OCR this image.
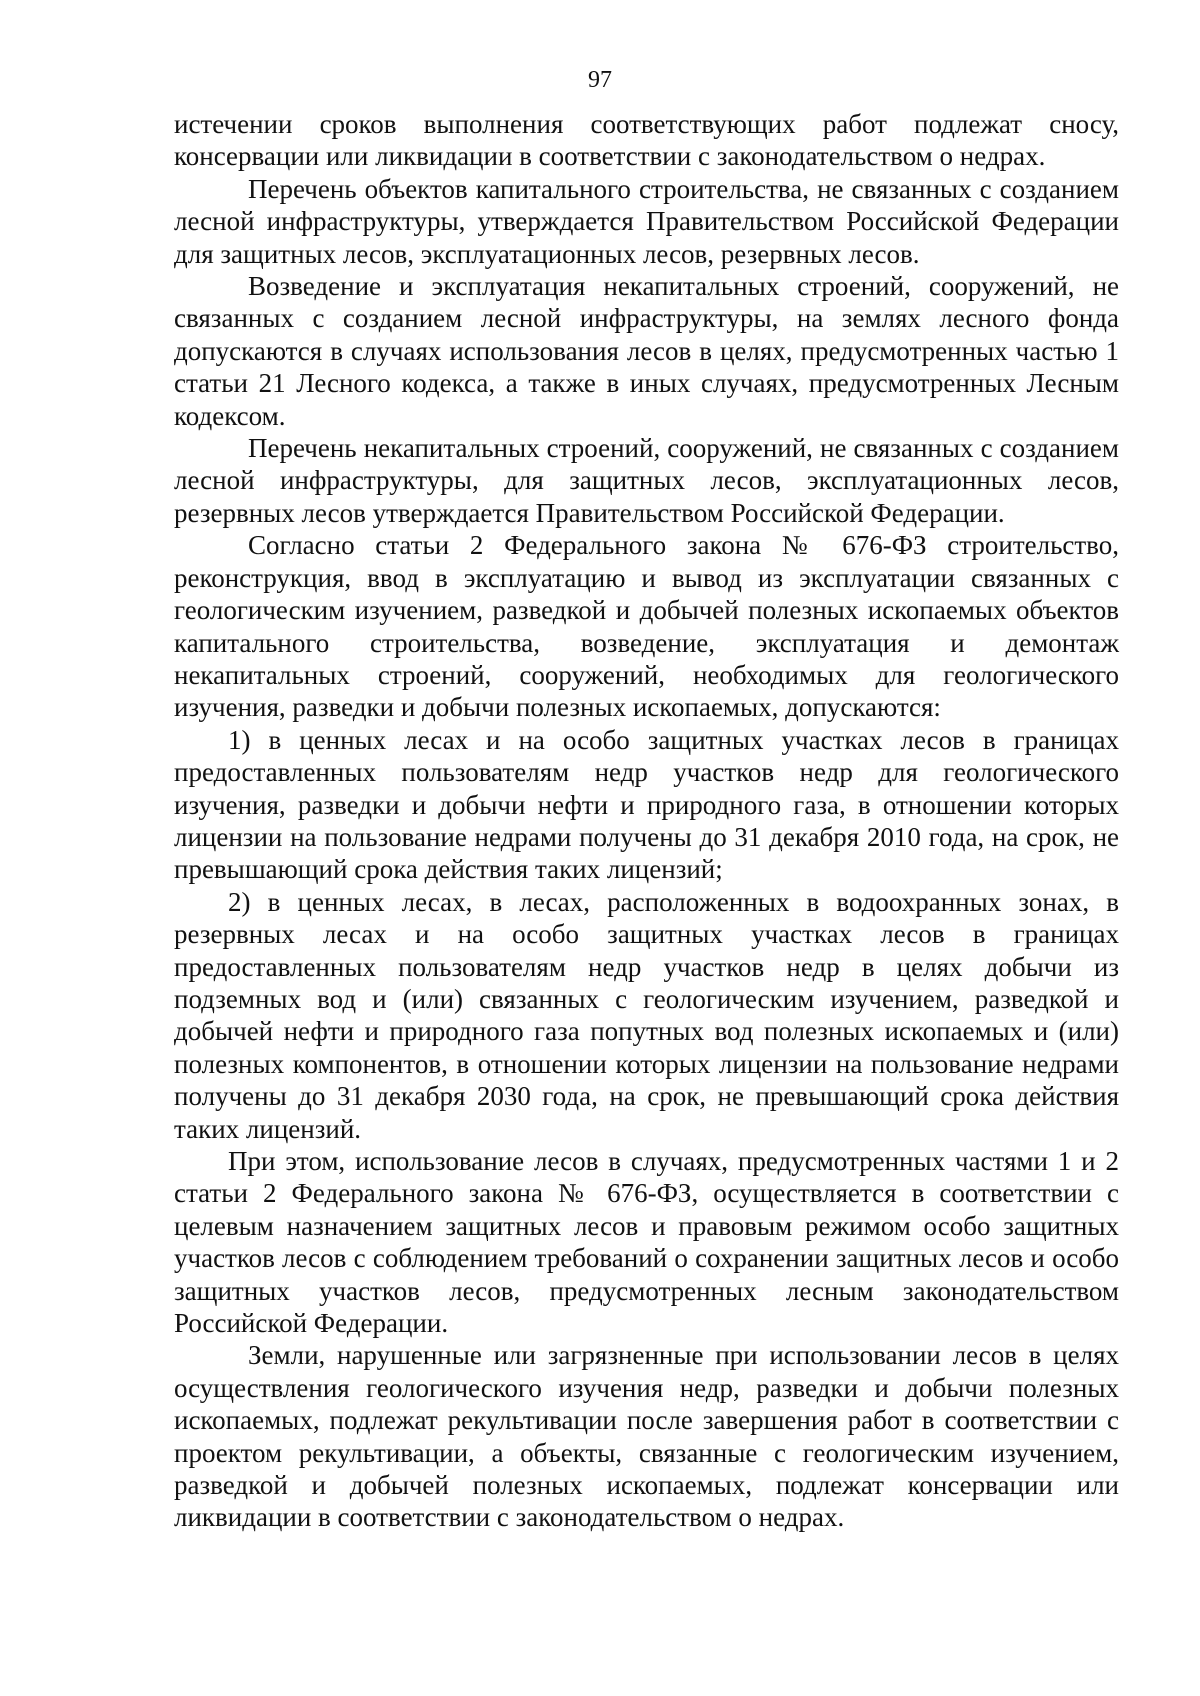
97

истечении сроков выполнения соответствующих работ подлежат сносу, консервации или ликвидации в соответствии с законодательством о недрах.

Перечень объектов капитального строительства, не связанных с созданием лесной инфраструктуры, утверждается Правительством Российской Федерации для защитных лесов, эксплуатационных лесов, резервных лесов.

Возведение и эксплуатация некапитальных строений, сооружений, не связанных с созданием лесной инфраструктуры, на землях лесного фонда допускаются в случаях использования лесов в целях, предусмотренных частью 1 статьи 21 Лесного кодекса, а также в иных случаях, предусмотренных Лесным кодексом.

Перечень некапитальных строений, сооружений, не связанных с созданием лесной инфраструктуры, для защитных лесов, эксплуатационных лесов, резервных лесов утверждается Правительством Российской Федерации.

Согласно статьи 2 Федерального закона № 676-ФЗ строительство, реконструкция, ввод в эксплуатацию и вывод из эксплуатации связанных с геологическим изучением, разведкой и добычей полезных ископаемых объектов капитального строительства, возведение, эксплуатация и демонтаж некапитальных строений, сооружений, необходимых для геологического изучения, разведки и добычи полезных ископаемых, допускаются:

1) в ценных лесах и на особо защитных участках лесов в границах предоставленных пользователям недр участков недр для геологического изучения, разведки и добычи нефти и природного газа, в отношении которых лицензии на пользование недрами получены до 31 декабря 2010 года, на срок, не превышающий срока действия таких лицензий;

2) в ценных лесах, в лесах, расположенных в водоохранных зонах, в резервных лесах и на особо защитных участках лесов в границах предоставленных пользователям недр участков недр в целях добычи из подземных вод и (или) связанных с геологическим изучением, разведкой и добычей нефти и природного газа попутных вод полезных ископаемых и (или) полезных компонентов, в отношении которых лицензии на пользование недрами получены до 31 декабря 2030 года, на срок, не превышающий срока действия таких лицензий.

При этом, использование лесов в случаях, предусмотренных частями 1 и 2 статьи 2 Федерального закона № 676-ФЗ, осуществляется в соответствии с целевым назначением защитных лесов и правовым режимом особо защитных участков лесов с соблюдением требований о сохранении защитных лесов и особо защитных участков лесов, предусмотренных лесным законодательством Российской Федерации.

Земли, нарушенные или загрязненные при использовании лесов в целях осуществления геологического изучения недр, разведки и добычи полезных ископаемых, подлежат рекультивации после завершения работ в соответствии с проектом рекультивации, а объекты, связанные с геологическим изучением, разведкой и добычей полезных ископаемых, подлежат консервации или ликвидации в соответствии с законодательством о недрах.
